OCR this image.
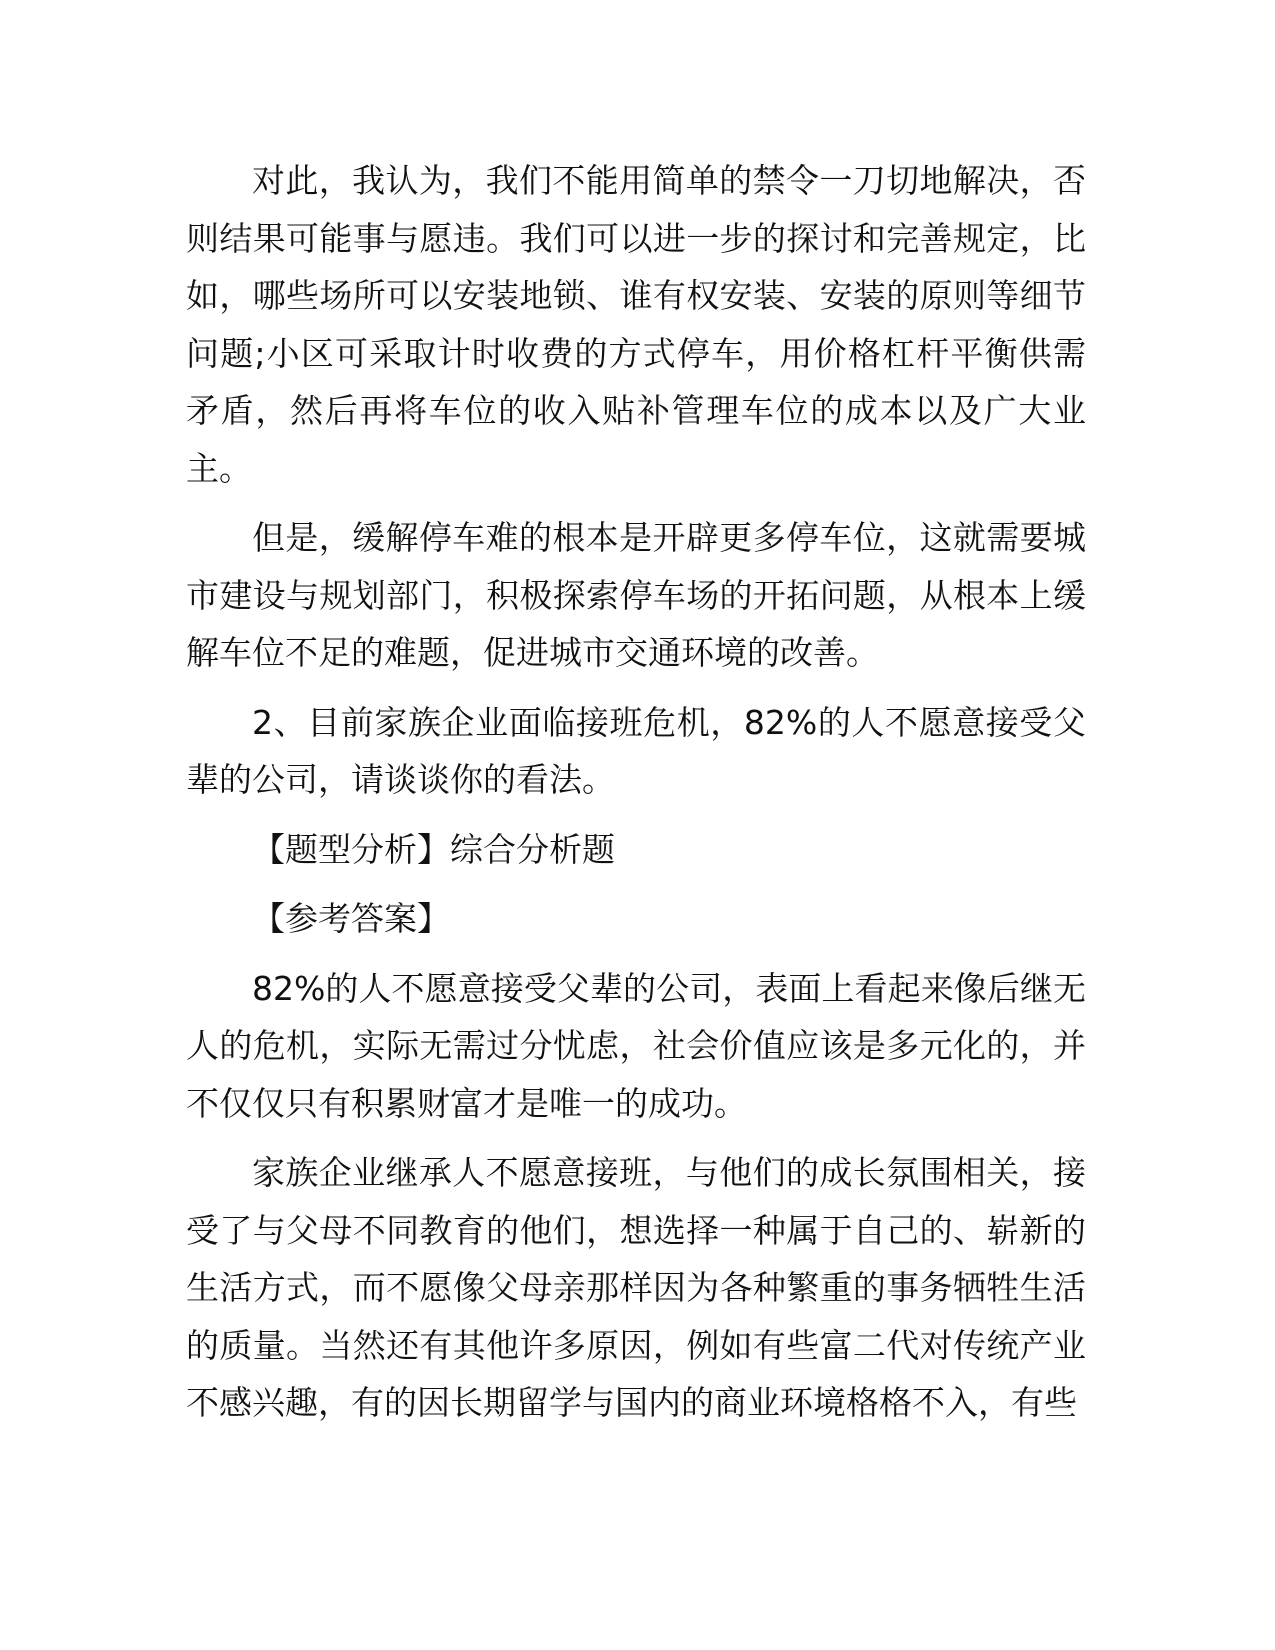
对此，我认为，我们不能用简单的禁令一刀切地解决，否则结果可能事与愿违。我们可以进一步的探讨和完善规定，比如，哪些场所可以安装地锁、谁有权安装、安装的原则等细节问题;小区可采取计时收费的方式停车，用价格杠杆平衡供需矛盾，然后再将车位的收入贴补管理车位的成本以及广大业主。

但是，缓解停车难的根本是开辟更多停车位，这就需要城市建设与规划部门，积极探索停车场的开拓问题，从根本上缓解车位不足的难题，促进城市交通环境的改善。

2、目前家族企业面临接班危机，82%的人不愿意接受父辈的公司，请谈谈你的看法。

【题型分析】综合分析题

【参考答案】

82%的人不愿意接受父辈的公司，表面上看起来像后继无人的危机，实际无需过分忧虑，社会价值应该是多元化的，并不仅仅只有积累财富才是唯一的成功。

家族企业继承人不愿意接班，与他们的成长氛围相关，接受了与父母不同教育的他们，想选择一种属于自己的、崭新的生活方式，而不愿像父母亲那样因为各种繁重的事务牺牲生活的质量。当然还有其他许多原因，例如有些富二代对传统产业不感兴趣，有的因长期留学与国内的商业环境格格不入，有些
